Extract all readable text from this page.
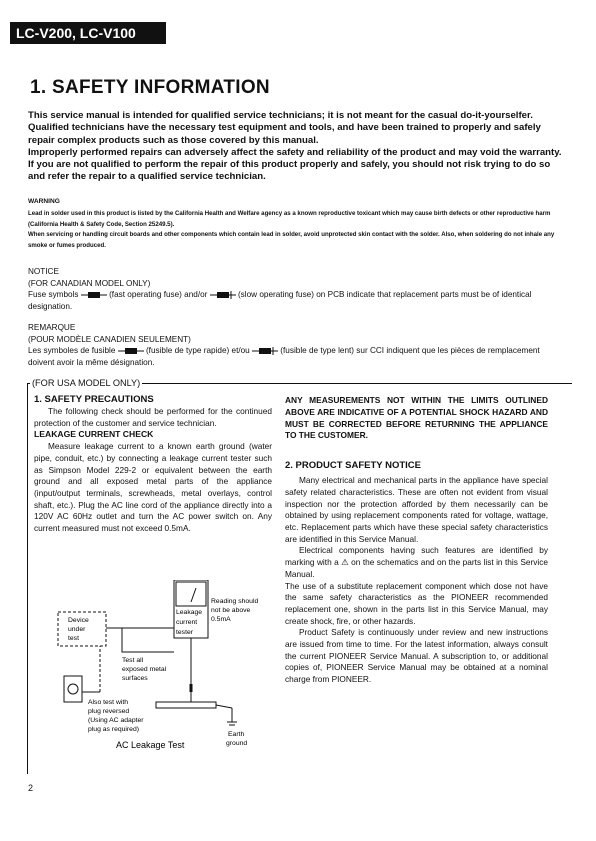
LC-V200, LC-V100
1. SAFETY INFORMATION

This service manual is intended for qualified service technicians; it is not meant for the casual do-it-yourselfer. Qualified technicians have the necessary test equipment and tools, and have been trained to properly and safely repair complex products such as those covered by this manual.

Improperly performed repairs can adversely affect the safety and reliability of the product and may void the warranty. If you are not qualified to perform the repair of this product properly and safely, you should not risk trying to do so and refer the repair to a qualified service technician.

WARNING

Lead in solder used in this product is listed by the California Health and Welfare agency as a known reproductive toxicant which may cause birth defects or other reproductive harm (California Health & Safety Code, Section 25249.5).

When servicing or handling circuit boards and other components which contain lead in solder, avoid unprotected skin contact with the solder. Also, when soldering do not inhale any smoke or fumes produced.

NOTICE

(FOR CANADIAN MODEL ONLY)

Fuse symbols	(fast operating fuse) and/or	(slow operating fuse) on PCB indicate that replacement parts must be of identical designation.

REMARQUE

(POUR MODÈLE CANADIEN SEULEMENT)

Les symboles de fusible	(fusible de type rapide) et/ou	(fusible de type lent) sur CCI indiquent que les pièces de remplacement doivent avoir la même désignation.

(FOR USA MODEL ONLY)
1. SAFETY PRECAUTIONS

The following check should be performed for the continued protection of the customer and service technician.

LEAKAGE CURRENT CHECK

Measure leakage current to a known earth ground (water pipe, conduit, etc.) by connecting a leakage current tester such as Simpson Model 229-2 or equivalent between the earth ground and all exposed metal parts of the appliance (input/output terminals, screwheads, metal overlays, control shaft, etc.). Plug the AC line cord of the appliance directly into a 120V AC 60Hz outlet and turn the AC power switch on. Any current measured must not exceed 0.5mA.

ANY MEASUREMENTS NOT WITHIN THE LIMITS OUTLINED ABOVE ARE INDICATIVE OF A POTENTIAL SHOCK HAZARD AND MUST BE CORRECTED BEFORE RETURNING THE APPLIANCE TO THE CUSTOMER.

2. PRODUCT SAFETY NOTICE

Many electrical and mechanical parts in the appliance have special safety related characteristics. These are often not evident from visual inspection nor the protection afforded by them necessarily can be obtained by using replacement components rated for voltage, wattage, etc. Replacement parts which have these special safety characteristics are identified in this Service Manual.

Electrical components having such features are identified by marking with a ⚠ on the schematics and on the parts list in this Service Manual.

The use of a substitute replacement component which dose not have the same safety characteristics as the PIONEER recommended replacement one, shown in the parts list in this Service Manual, may create shock, fire, or other hazards.

Product Safety is continuously under review and new instructions are issued from time to time. For the latest information, always consult the current PIONEER Service Manual. A subscription to, or additional copies of, PIONEER Service Manual may be obtained at a nominal charge from PIONEER.

Leakage
current
tester
Reading should
not be above
0.5mA
Device
under
test
Test all
exposed metal
surfaces
Earth
ground
Also test with
plug reversed
(Using AC adapter
plug as required)
AC Leakage Test
2
